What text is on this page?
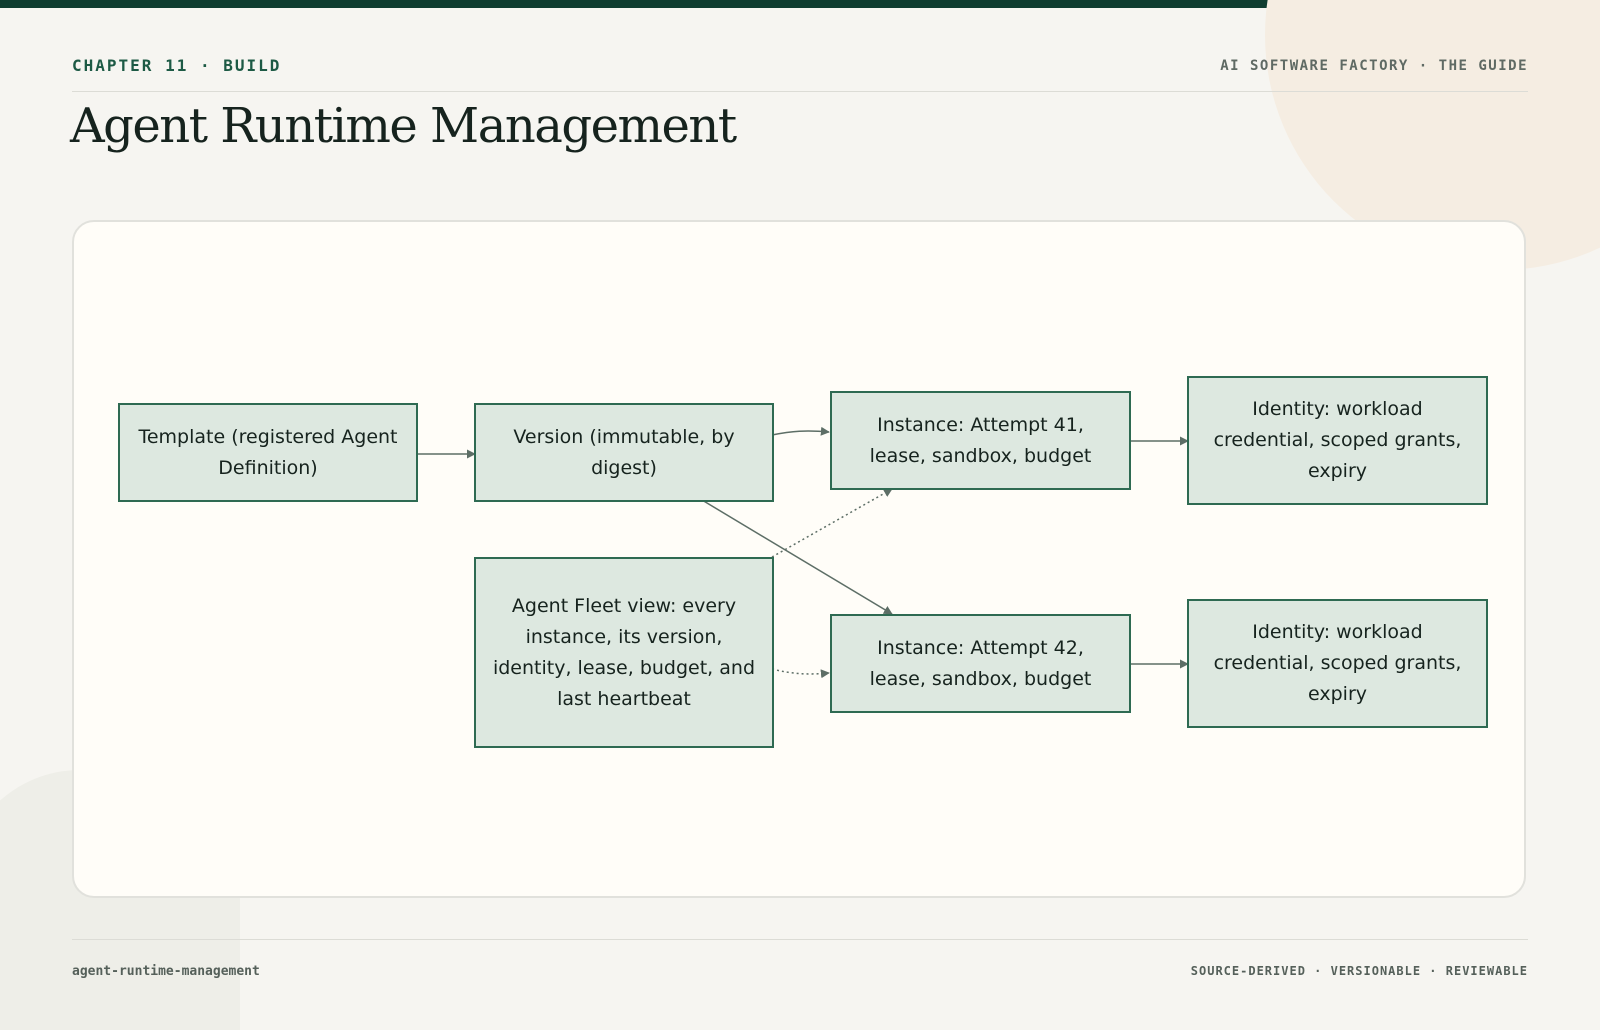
CHAPTER 11 · BUILD	AI SOFTWARE FACTORY · THE GUIDE
Agent Runtime Management
Template (registered Agent Definition)
Version (immutable, by digest)
Agent Fleet view: every instance, its version, identity, lease, budget, and last heartbeat
Instance: Attempt 41, lease, sandbox, budget
Instance: Attempt 42, lease, sandbox, budget
Identity: workload credential, scoped grants, expiry
Identity: workload credential, scoped grants, expiry
agent-runtime-management	SOURCE-DERIVED · VERSIONABLE · REVIEWABLE
